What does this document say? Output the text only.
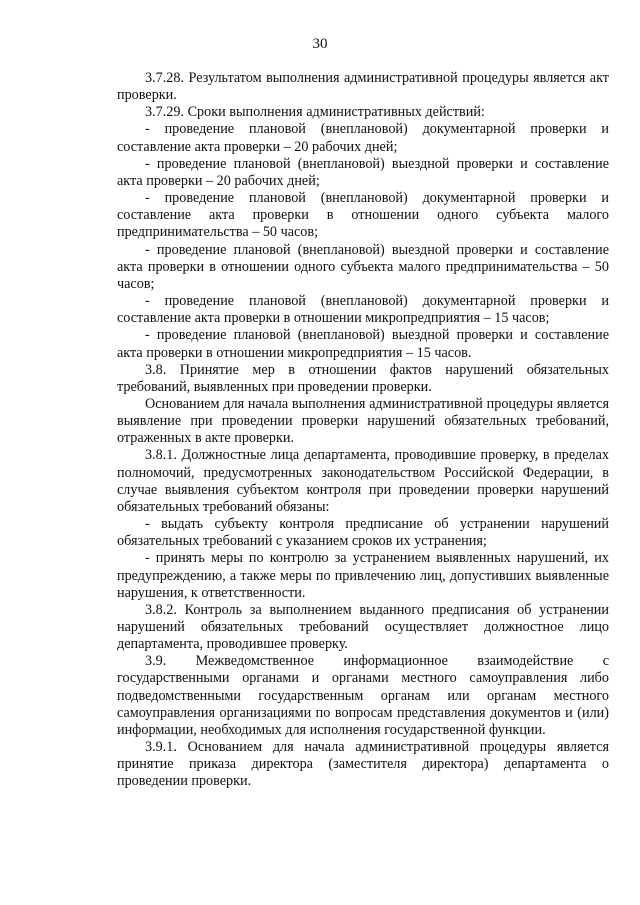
30

3.7.28. Результатом выполнения административной процедуры является акт проверки.

3.7.29. Сроки выполнения административных действий:

- проведение плановой (внеплановой) документарной проверки и составление акта проверки – 20 рабочих дней;

- проведение плановой (внеплановой) выездной проверки и составление акта проверки – 20 рабочих дней;

- проведение плановой (внеплановой) документарной проверки и составление акта проверки в отношении одного субъекта малого предпринимательства – 50 часов;

- проведение плановой (внеплановой) выездной проверки и составление акта проверки в отношении одного субъекта малого предпринимательства – 50 часов;

- проведение плановой (внеплановой) документарной проверки и составление акта проверки в отношении микропредприятия – 15 часов;

- проведение плановой (внеплановой) выездной проверки и составление акта проверки в отношении микропредприятия – 15 часов.

3.8. Принятие мер в отношении фактов нарушений обязательных требований, выявленных при проведении проверки.

Основанием для начала выполнения административной процедуры является выявление при проведении проверки нарушений обязательных требований, отраженных в акте проверки.

3.8.1. Должностные лица департамента, проводившие проверку, в пределах полномочий, предусмотренных законодательством Российской Федерации, в случае выявления субъектом контроля при проведении проверки нарушений обязательных требований обязаны:

- выдать субъекту контроля предписание об устранении нарушений обязательных требований с указанием сроков их устранения;

- принять меры по контролю за устранением выявленных нарушений, их предупреждению, а также меры по привлечению лиц, допустивших выявленные нарушения, к ответственности.

3.8.2. Контроль за выполнением выданного предписания об устранении нарушений обязательных требований осуществляет должностное лицо департамента, проводившее проверку.

3.9. Межведомственное информационное взаимодействие с государственными органами и органами местного самоуправления либо подведомственными государственным органам или органам местного самоуправления организациями по вопросам представления документов и (или) информации, необходимых для исполнения государственной функции.

3.9.1. Основанием для начала административной процедуры является принятие приказа директора (заместителя директора) департамента о проведении проверки.
